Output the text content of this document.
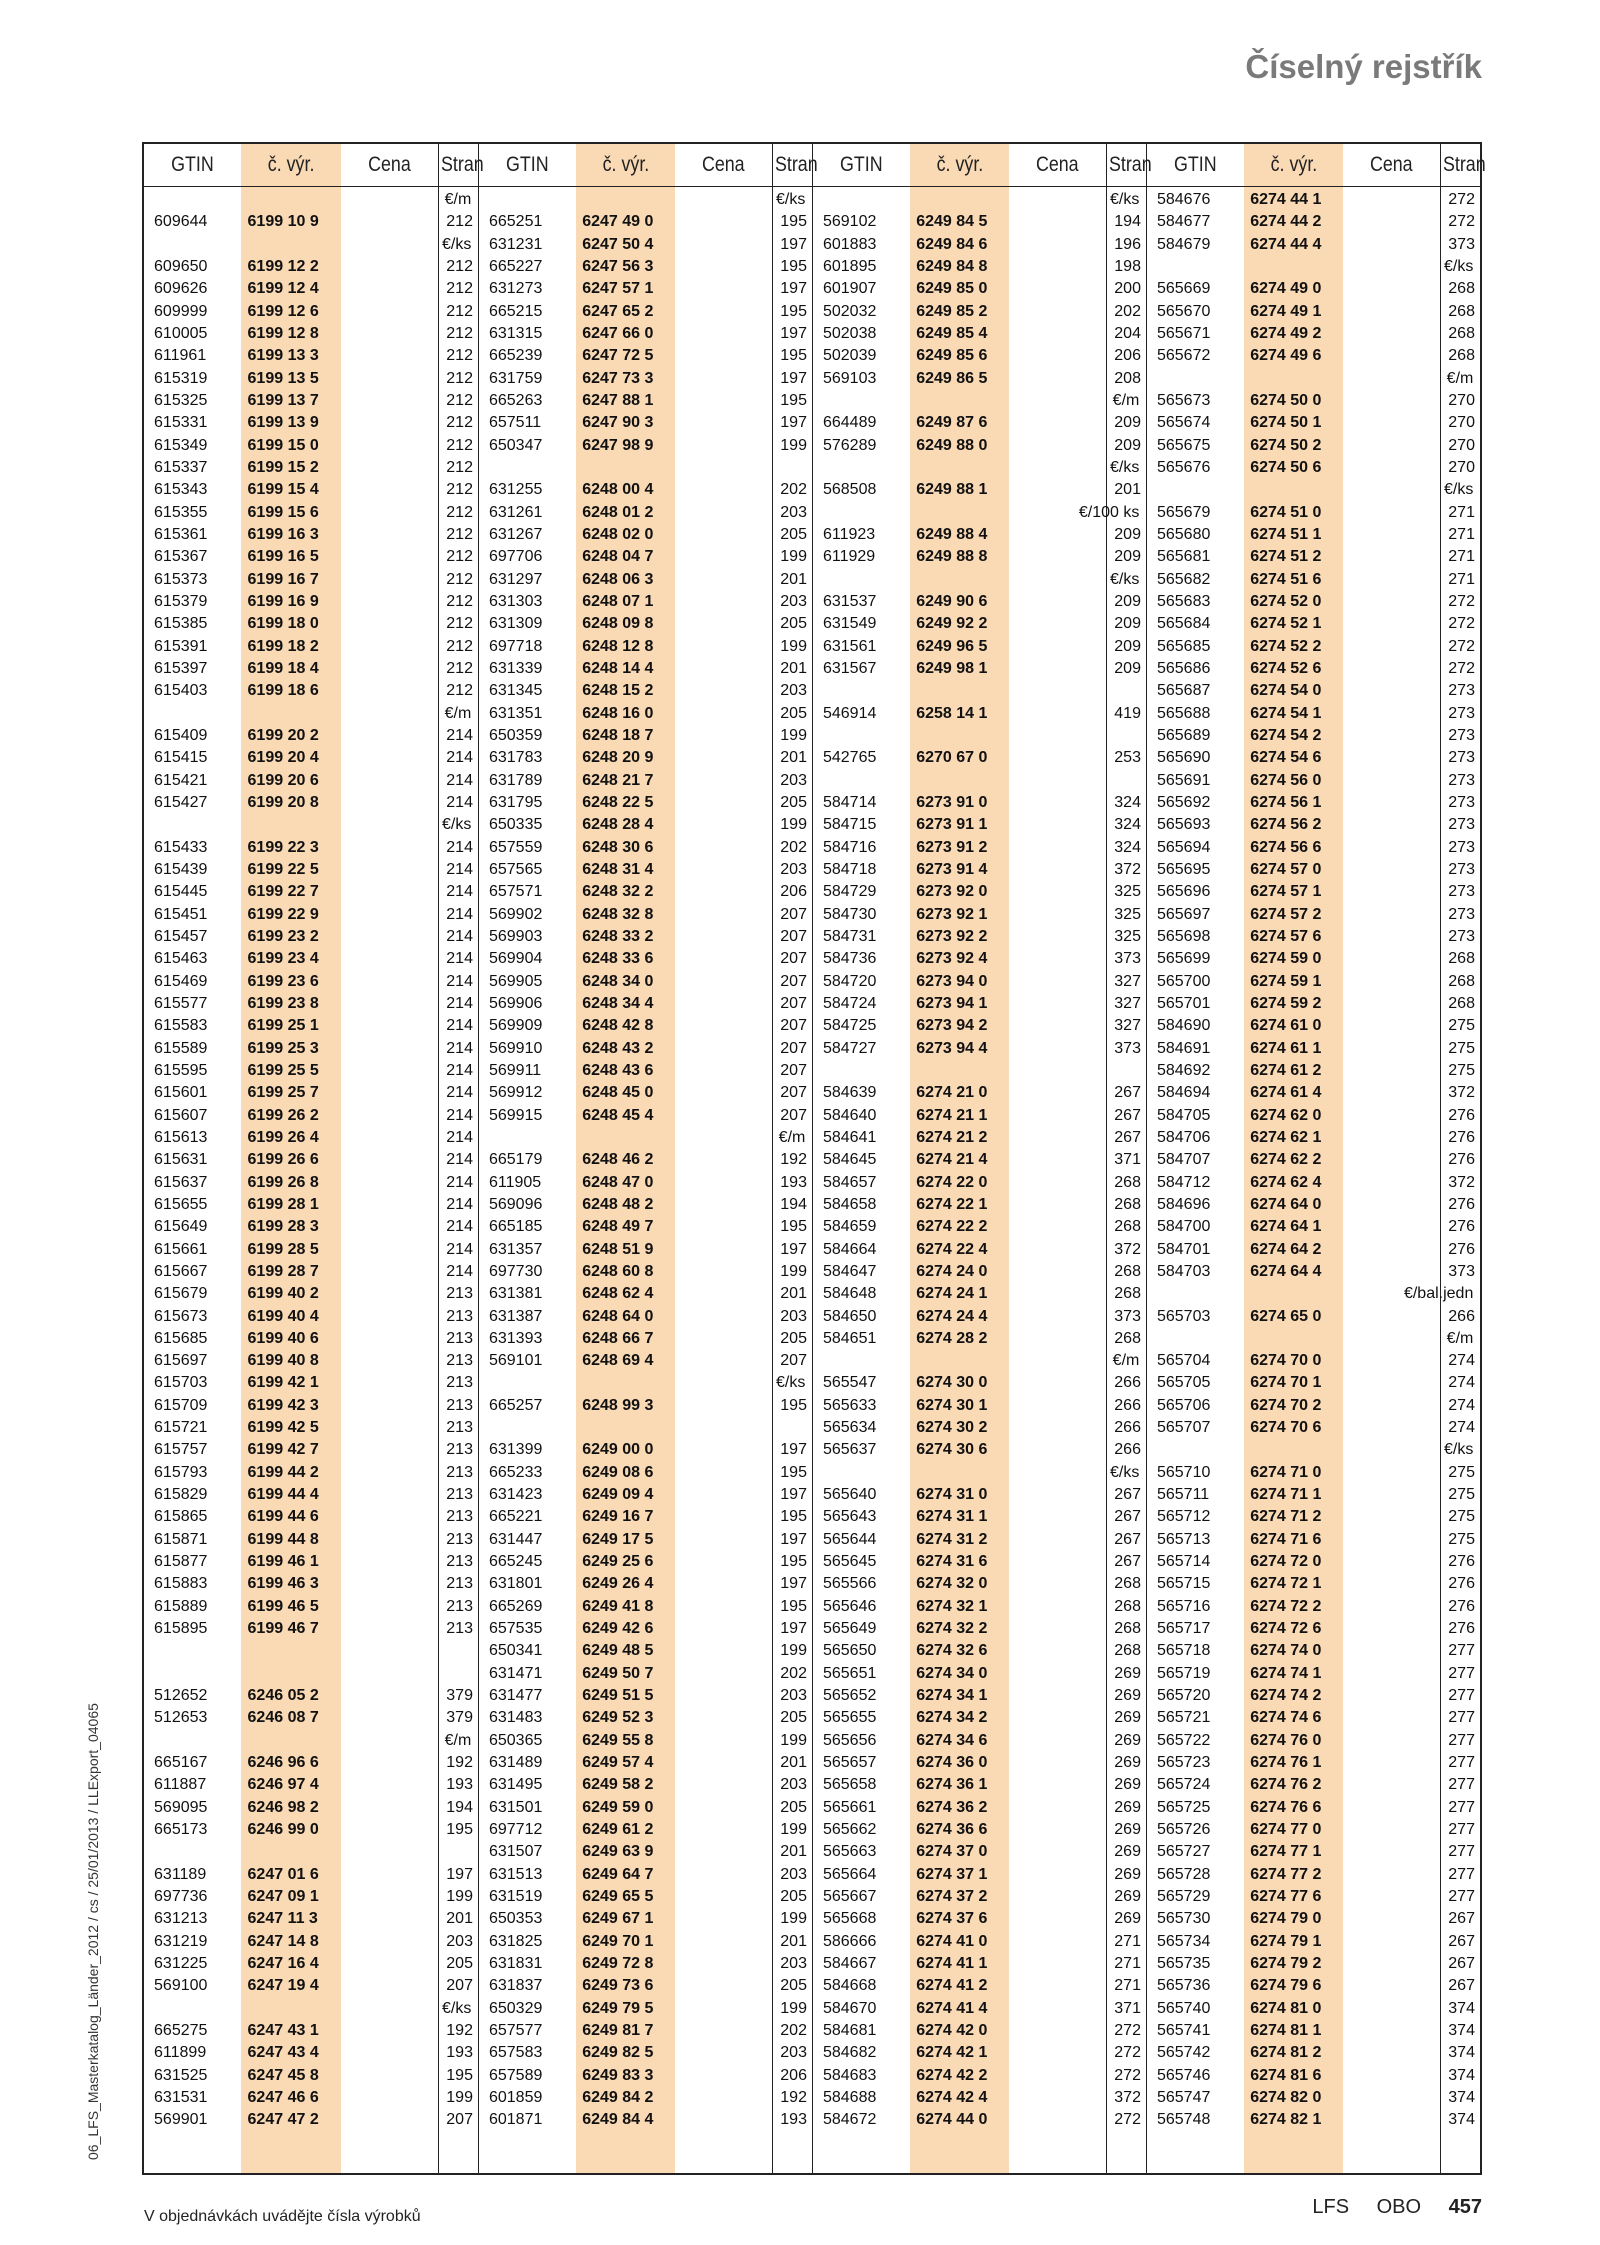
Číselný rejstřík
06_LFS_Masterkatalog_Länder_2012 / cs / 25/01/2013 / LLExport_04065
GTIN	č. výr.	Cena	Stran
€/m
609644	6199 10 9	212
€/ks
609650	6199 12 2	212
609626	6199 12 4	212
609999	6199 12 6	212
610005	6199 12 8	212
611961	6199 13 3	212
615319	6199 13 5	212
615325	6199 13 7	212
615331	6199 13 9	212
615349	6199 15 0	212
615337	6199 15 2	212
615343	6199 15 4	212
615355	6199 15 6	212
615361	6199 16 3	212
615367	6199 16 5	212
615373	6199 16 7	212
615379	6199 16 9	212
615385	6199 18 0	212
615391	6199 18 2	212
615397	6199 18 4	212
615403	6199 18 6	212
€/m
615409	6199 20 2	214
615415	6199 20 4	214
615421	6199 20 6	214
615427	6199 20 8	214
€/ks
615433	6199 22 3	214
615439	6199 22 5	214
615445	6199 22 7	214
615451	6199 22 9	214
615457	6199 23 2	214
615463	6199 23 4	214
615469	6199 23 6	214
615577	6199 23 8	214
615583	6199 25 1	214
615589	6199 25 3	214
615595	6199 25 5	214
615601	6199 25 7	214
615607	6199 26 2	214
615613	6199 26 4	214
615631	6199 26 6	214
615637	6199 26 8	214
615655	6199 28 1	214
615649	6199 28 3	214
615661	6199 28 5	214
615667	6199 28 7	214
615679	6199 40 2	213
615673	6199 40 4	213
615685	6199 40 6	213
615697	6199 40 8	213
615703	6199 42 1	213
615709	6199 42 3	213
615721	6199 42 5	213
615757	6199 42 7	213
615793	6199 44 2	213
615829	6199 44 4	213
615865	6199 44 6	213
615871	6199 44 8	213
615877	6199 46 1	213
615883	6199 46 3	213
615889	6199 46 5	213
615895	6199 46 7	213
512652	6246 05 2	379
512653	6246 08 7	379
€/m
665167	6246 96 6	192
611887	6246 97 4	193
569095	6246 98 2	194
665173	6246 99 0	195
631189	6247 01 6	197
697736	6247 09 1	199
631213	6247 11 3	201
631219	6247 14 8	203
631225	6247 16 4	205
569100	6247 19 4	207
€/ks
665275	6247 43 1	192
611899	6247 43 4	193
631525	6247 45 8	195
631531	6247 46 6	199
569901	6247 47 2	207
GTIN	č. výr.	Cena	Stran
€/ks
665251 6247 49 0	195
631231 6247 50 4	197
665227 6247 56 3	195
631273 6247 57 1	197
665215 6247 65 2	195
631315 6247 66 0	197
665239 6247 72 5	195
631759 6247 73 3	197
665263 6247 88 1	195
657511	6247 90 3	197
650347 6247 98 9	199
631255 6248 00 4	202
631261 6248 01 2	203
631267 6248 02 0	205
697706 6248 04 7	199
631297 6248 06 3	201
631303 6248 07 1	203
631309 6248 09 8	205
697718 6248 12 8	199
631339 6248 14 4	201
631345 6248 15 2	203
631351 6248 16 0	205
650359 6248 18 7	199
631783 6248 20 9	201
631789 6248 21 7	203
631795 6248 22 5	205
650335 6248 28 4	199
657559 6248 30 6	202
657565 6248 31 4	203
657571 6248 32 2	206
569902 6248 32 8	207
569903 6248 33 2	207
569904 6248 33 6	207
569905 6248 34 0	207
569906 6248 34 4	207
569909 6248 42 8	207
569910 6248 43 2	207
569911	6248 43 6	207
569912 6248 45 0	207
569915 6248 45 4	207
€/m
665179 6248 46 2	192
611905	6248 47 0	193
569096 6248 48 2	194
665185 6248 49 7	195
631357 6248 51 9	197
697730 6248 60 8	199
631381 6248 62 4	201
631387 6248 64 0	203
631393 6248 66 7	205
569101 6248 69 4	207
€/ks
665257 6248 99 3	195
631399 6249 00 0	197
665233 6249 08 6	195
631423 6249 09 4	197
665221 6249 16 7	195
631447 6249 17 5	197
665245 6249 25 6	195
631801 6249 26 4	197
665269 6249 41 8	195
657535 6249 42 6	197
650341 6249 48 5	199
631471 6249 50 7	202
631477 6249 51 5	203
631483 6249 52 3	205
650365 6249 55 8	199
631489 6249 57 4	201
631495 6249 58 2	203
631501 6249 59 0	205
697712 6249 61 2	199
631507 6249 63 9	201
631513 6249 64 7	203
631519 6249 65 5	205
650353 6249 67 1	199
631825 6249 70 1	201
631831 6249 72 8	203
631837 6249 73 6	205
650329 6249 79 5	199
657577 6249 81 7	202
657583 6249 82 5	203
657589 6249 83 3	206
601859 6249 84 2	192
601871 6249 84 4	193
GTIN	č. výr.	Cena	Stran
€/ks
569102 6249 84 5	194
601883 6249 84 6	196
601895 6249 84 8	198
601907 6249 85 0	200
502032 6249 85 2	202
502038 6249 85 4	204
502039 6249 85 6	206
569103 6249 86 5	208
€/m
664489 6249 87 6	209
576289 6249 88 0	209
€/ks
568508 6249 88 1	201
€/100 ks
611923	6249 88 4	209
611929	6249 88 8	209
€/ks
631537 6249 90 6	209
631549 6249 92 2	209
631561 6249 96 5	209
631567 6249 98 1	209
546914 6258 14 1	419
542765 6270 67 0	253
584714 6273 91 0	324
584715 6273 91 1	324
584716 6273 91 2	324
584718 6273 91 4	372
584729 6273 92 0	325
584730 6273 92 1	325
584731 6273 92 2	325
584736 6273 92 4	373
584720 6273 94 0	327
584724 6273 94 1	327
584725 6273 94 2	327
584727 6273 94 4	373
584639 6274 21 0	267
584640 6274 21 1	267
584641 6274 21 2	267
584645 6274 21 4	371
584657 6274 22 0	268
584658 6274 22 1	268
584659 6274 22 2	268
584664 6274 22 4	372
584647 6274 24 0	268
584648 6274 24 1	268
584650 6274 24 4	373
584651 6274 28 2	268
€/m
565547 6274 30 0	266
565633 6274 30 1	266
565634 6274 30 2	266
565637 6274 30 6	266
€/ks
565640 6274 31 0	267
565643 6274 31 1	267
565644 6274 31 2	267
565645 6274 31 6	267
565566 6274 32 0	268
565646 6274 32 1	268
565649 6274 32 2	268
565650 6274 32 6	268
565651 6274 34 0	269
565652 6274 34 1	269
565655 6274 34 2	269
565656 6274 34 6	269
565657 6274 36 0	269
565658 6274 36 1	269
565661 6274 36 2	269
565662 6274 36 6	269
565663 6274 37 0	269
565664 6274 37 1	269
565667 6274 37 2	269
565668 6274 37 6	269
586666 6274 41 0	271
584667 6274 41 1	271
584668 6274 41 2	271
584670 6274 41 4	371
584681 6274 42 0	272
584682 6274 42 1	272
584683 6274 42 2	272
584688 6274 42 4	372
584672 6274 44 0	272
GTIN	č. výr.	Cena	Stran
584676 6274 44 1	272
584677 6274 44 2	272
584679 6274 44 4	373
€/ks
565669 6274 49 0	268
565670 6274 49 1	268
565671 6274 49 2	268
565672 6274 49 6	268
€/m
565673 6274 50 0	270
565674 6274 50 1	270
565675 6274 50 2	270
565676 6274 50 6	270
€/ks
565679 6274 51 0	271
565680 6274 51 1	271
565681 6274 51 2	271
565682 6274 51 6	271
565683 6274 52 0	272
565684 6274 52 1	272
565685 6274 52 2	272
565686 6274 52 6	272
565687 6274 54 0	273
565688 6274 54 1	273
565689 6274 54 2	273
565690 6274 54 6	273
565691 6274 56 0	273
565692 6274 56 1	273
565693 6274 56 2	273
565694 6274 56 6	273
565695 6274 57 0	273
565696 6274 57 1	273
565697 6274 57 2	273
565698 6274 57 6	273
565699 6274 59 0	268
565700 6274 59 1	268
565701 6274 59 2	268
584690 6274 61 0	275
584691 6274 61 1	275
584692 6274 61 2	275
584694 6274 61 4	372
584705 6274 62 0	276
584706 6274 62 1	276
584707 6274 62 2	276
584712 6274 62 4	372
584696 6274 64 0	276
584700 6274 64 1	276
584701 6274 64 2	276
584703 6274 64 4	373
€/bal.jedn
565703 6274 65 0	266
€/m
565704 6274 70 0	274
565705 6274 70 1	274
565706 6274 70 2	274
565707 6274 70 6	274
€/ks
565710 6274 71 0	275
565711	6274 71 1	275
565712 6274 71 2	275
565713 6274 71 6	275
565714 6274 72 0	276
565715 6274 72 1	276
565716 6274 72 2	276
565717 6274 72 6	276
565718 6274 74 0	277
565719 6274 74 1	277
565720 6274 74 2	277
565721 6274 74 6	277
565722 6274 76 0	277
565723 6274 76 1	277
565724 6274 76 2	277
565725 6274 76 6	277
565726 6274 77 0	277
565727 6274 77 1	277
565728 6274 77 2	277
565729 6274 77 6	277
565730 6274 79 0	267
565734 6274 79 1	267
565735 6274 79 2	267
565736 6274 79 6	267
565740 6274 81 0	374
565741 6274 81 1	374
565742 6274 81 2	374
565746 6274 81 6	374
565747 6274 82 0	374
565748 6274 82 1	374
V objednávkách uvádějte čísla výrobků	LFS OBO 457
